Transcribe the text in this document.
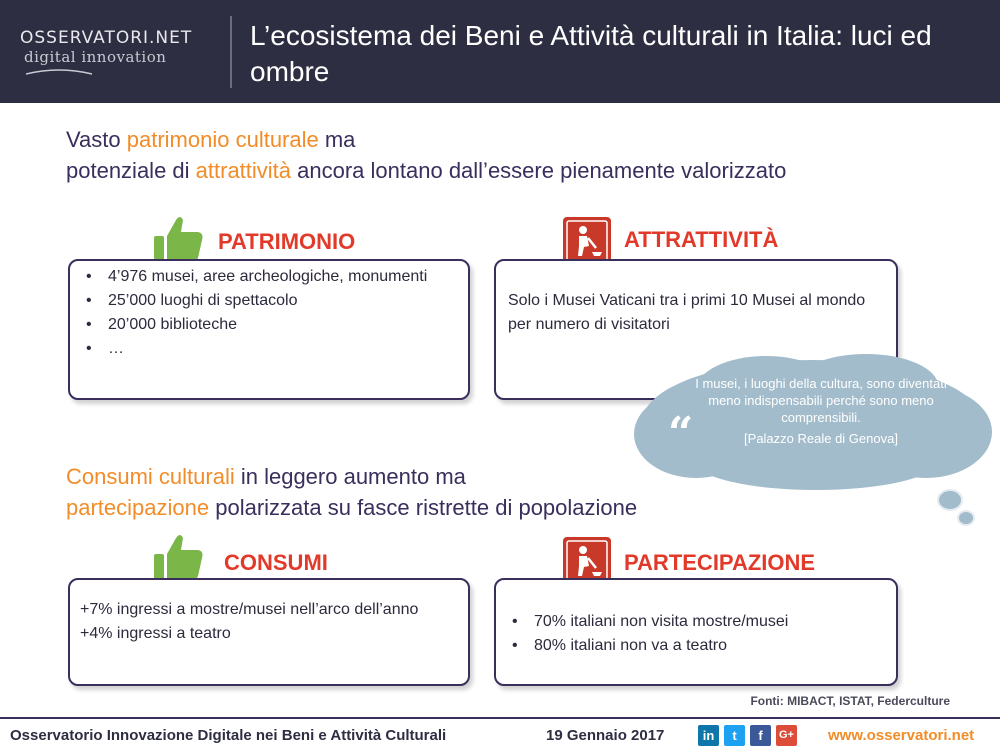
OSSERVATORI.NET
digital innovation
L’ecosistema dei Beni e Attività culturali in Italia: luci ed ombre
Vasto patrimonio culturale ma
potenziale di attrattività ancora lontano dall’essere pienamente valorizzato
PATRIMONIO
• 4’976 musei, aree archeologiche, monumenti
• 25’000 luoghi di spettacolo
• 20’000 biblioteche
• …
ATTRATTIVITÀ
Solo i Musei Vaticani tra i primi 10 Musei al mondo per numero di visitatori
”
“
I musei, i luoghi della cultura, sono diventati meno indispensabili perché sono meno comprensibili.
[Palazzo Reale di Genova]
Consumi culturali in leggero aumento ma
partecipazione polarizzata su fasce ristrette di popolazione
CONSUMI
+7% ingressi a mostre/musei nell’arco dell’anno
+4% ingressi a teatro
PARTECIPAZIONE
• 70% italiani non visita mostre/musei
• 80% italiani non va a teatro
Fonti: MIBACT, ISTAT, Federculture
Osservatorio Innovazione Digitale nei Beni e Attività Culturali	19 Gennaio 2017	in	t	f	G+ www.osservatori.net
